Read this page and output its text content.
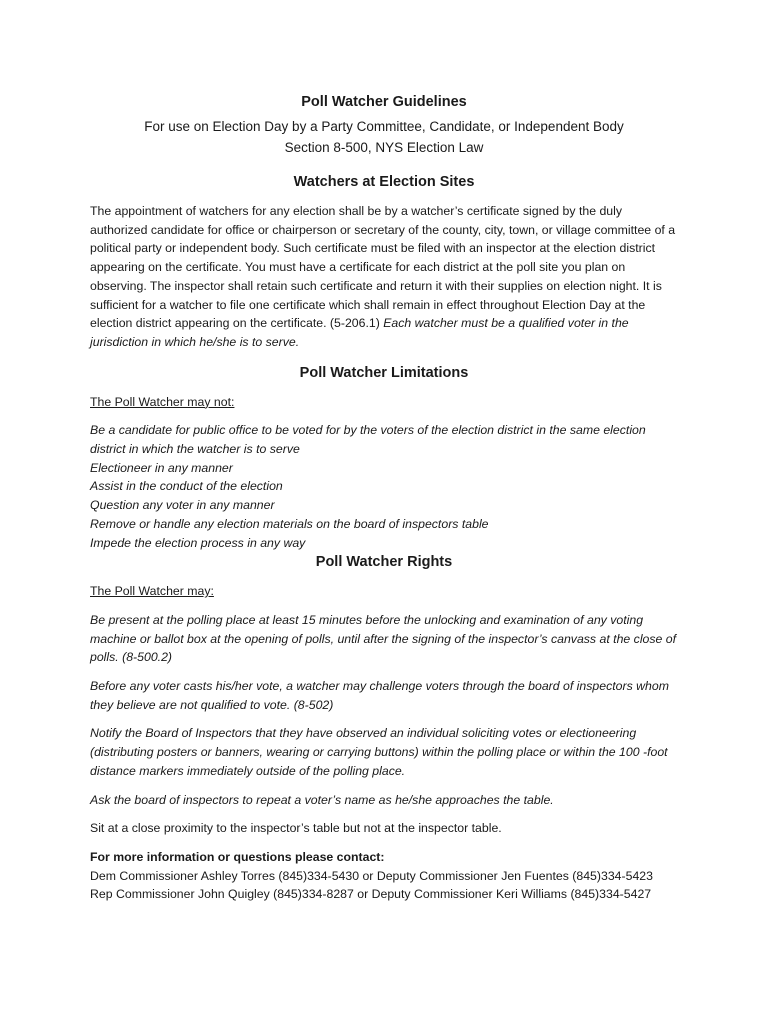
Poll Watcher Guidelines
For use on Election Day by a Party Committee, Candidate, or Independent Body
Section 8-500, NYS Election Law
Watchers at Election Sites

The appointment of watchers for any election shall be by a watcher’s certificate signed by the duly authorized candidate for office or chairperson or secretary of the county, city, town, or village committee of a political party or independent body. Such certificate must be filed with an inspector at the election district appearing on the certificate. You must have a certificate for each district at the poll site you plan on observing. The inspector shall retain such certificate and return it with their supplies on election night. It is sufficient for a watcher to file one certificate which shall remain in effect throughout Election Day at the election district appearing on the certificate. (5-206.1) Each watcher must be a qualified voter in the jurisdiction in which he/she is to serve.

Poll Watcher Limitations

The Poll Watcher may not:

Be a candidate for public office to be voted for by the voters of the election district in the same election district in which the watcher is to serve

Electioneer in any manner

Assist in the conduct of the election

Question any voter in any manner

Remove or handle any election materials on the board of inspectors table

Impede the election process in any way

Poll Watcher Rights

The Poll Watcher may:

Be present at the polling place at least 15 minutes before the unlocking and examination of any voting machine or ballot box at the opening of polls, until after the signing of the inspector’s canvass at the close of polls. (8-500.2)

Before any voter casts his/her vote, a watcher may challenge voters through the board of inspectors whom they believe are not qualified to vote. (8-502)

Notify the Board of Inspectors that they have observed an individual soliciting votes or electioneering (distributing posters or banners, wearing or carrying buttons) within the polling place or within the 100 -foot distance markers immediately outside of the polling place.

Ask the board of inspectors to repeat a voter’s name as he/she approaches the table.

Sit at a close proximity to the inspector’s table but not at the inspector table.

For more information or questions please contact:

Dem Commissioner Ashley Torres (845)334-5430 or Deputy Commissioner Jen Fuentes (845)334-5423

Rep Commissioner John Quigley (845)334-8287 or Deputy Commissioner Keri Williams (845)334-5427
